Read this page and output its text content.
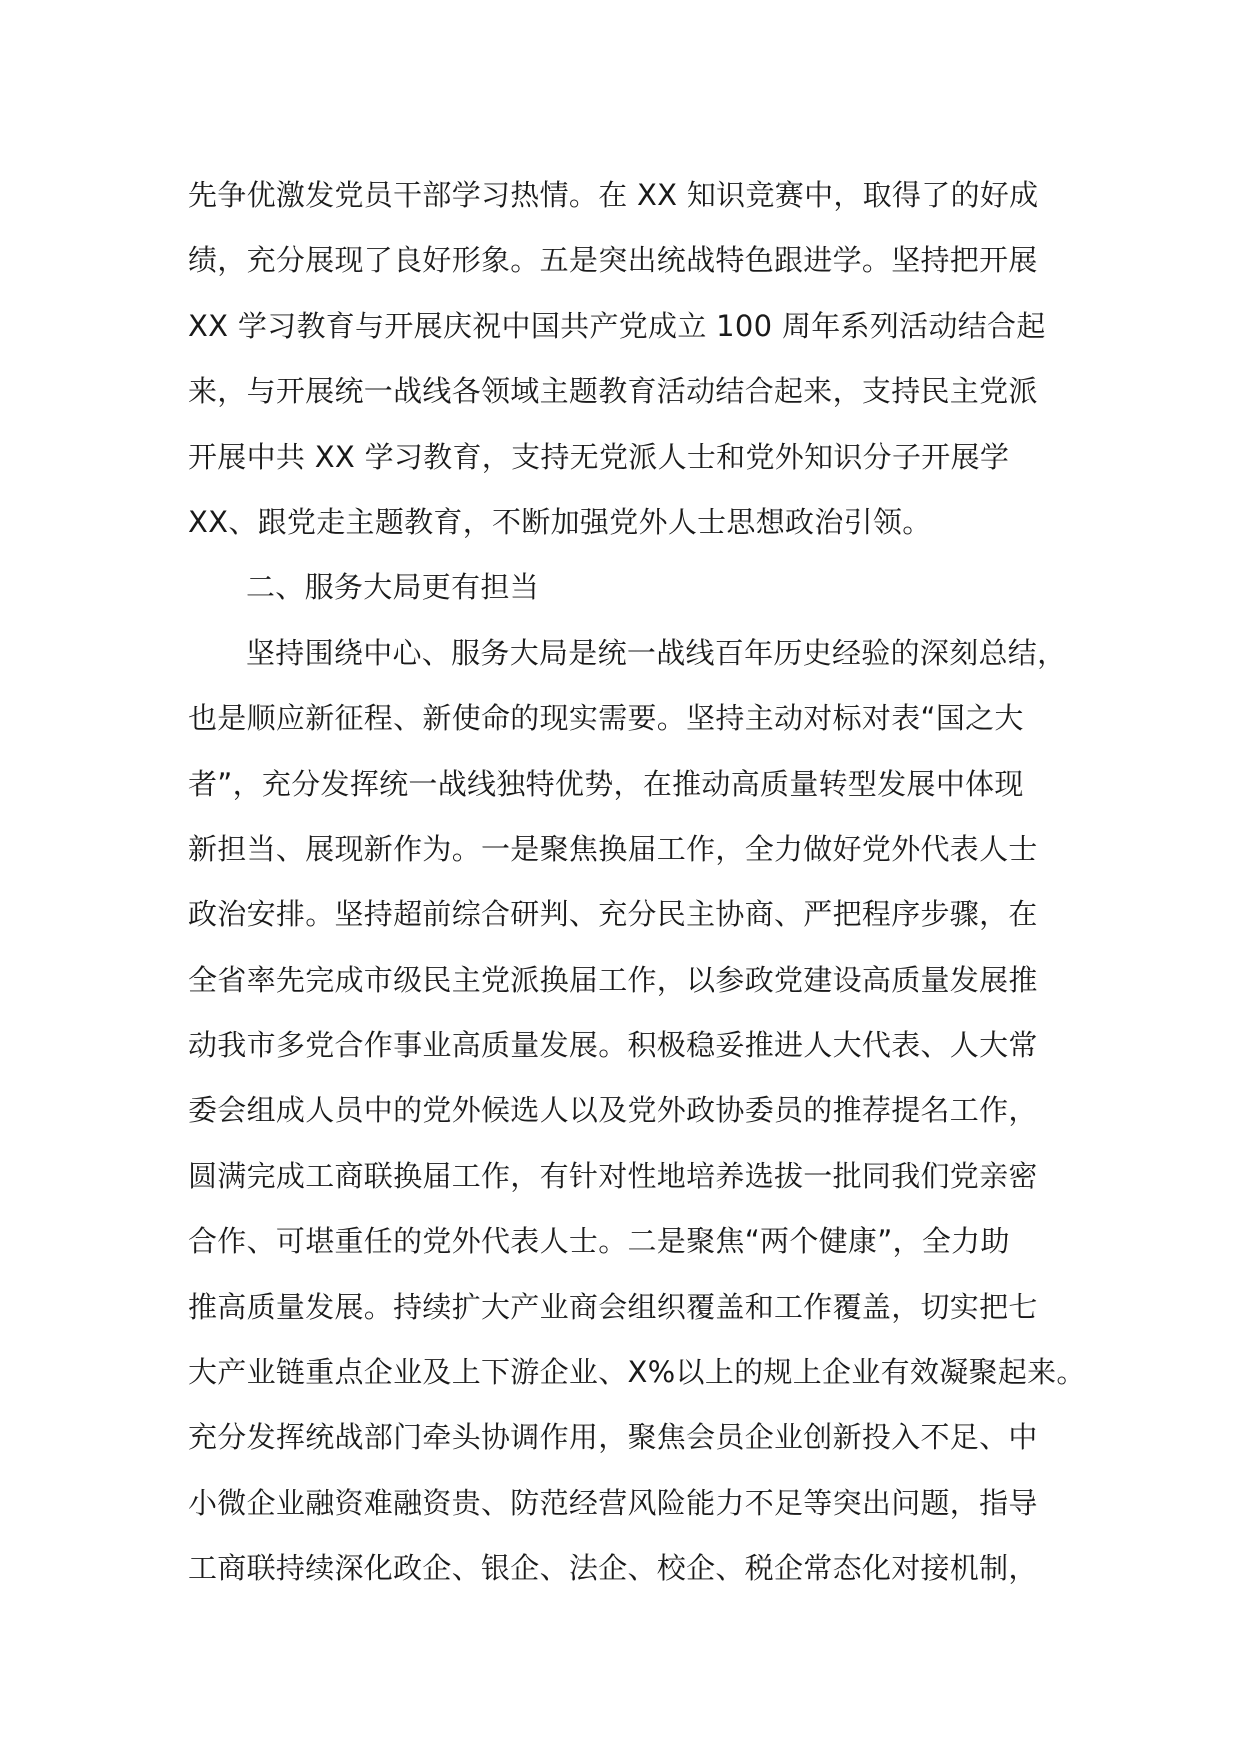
先争优激发党员干部学习热情。在 XX 知识竞赛中，取得了的好成
绩，充分展现了良好形象。五是突出统战特色跟进学。坚持把开展
XX 学习教育与开展庆祝中国共产党成立 100 周年系列活动结合起
来，与开展统一战线各领域主题教育活动结合起来，支持民主党派
开展中共 XX 学习教育，支持无党派人士和党外知识分子开展学
XX、跟党走主题教育，不断加强党外人士思想政治引领。
二、服务大局更有担当
坚持围绕中心、服务大局是统一战线百年历史经验的深刻总结，
也是顺应新征程、新使命的现实需要。坚持主动对标对表“国之大
者”，充分发挥统一战线独特优势，在推动高质量转型发展中体现
新担当、展现新作为。一是聚焦换届工作，全力做好党外代表人士
政治安排。坚持超前综合研判、充分民主协商、严把程序步骤，在
全省率先完成市级民主党派换届工作，以参政党建设高质量发展推
动我市多党合作事业高质量发展。积极稳妥推进人大代表、人大常
委会组成人员中的党外候选人以及党外政协委员的推荐提名工作，
圆满完成工商联换届工作，有针对性地培养选拔一批同我们党亲密
合作、可堪重任的党外代表人士。二是聚焦“两个健康”，全力助
推高质量发展。持续扩大产业商会组织覆盖和工作覆盖，切实把七
大产业链重点企业及上下游企业、X%以上的规上企业有效凝聚起来。
充分发挥统战部门牵头协调作用，聚焦会员企业创新投入不足、中
小微企业融资难融资贵、防范经营风险能力不足等突出问题，指导
工商联持续深化政企、银企、法企、校企、税企常态化对接机制，
